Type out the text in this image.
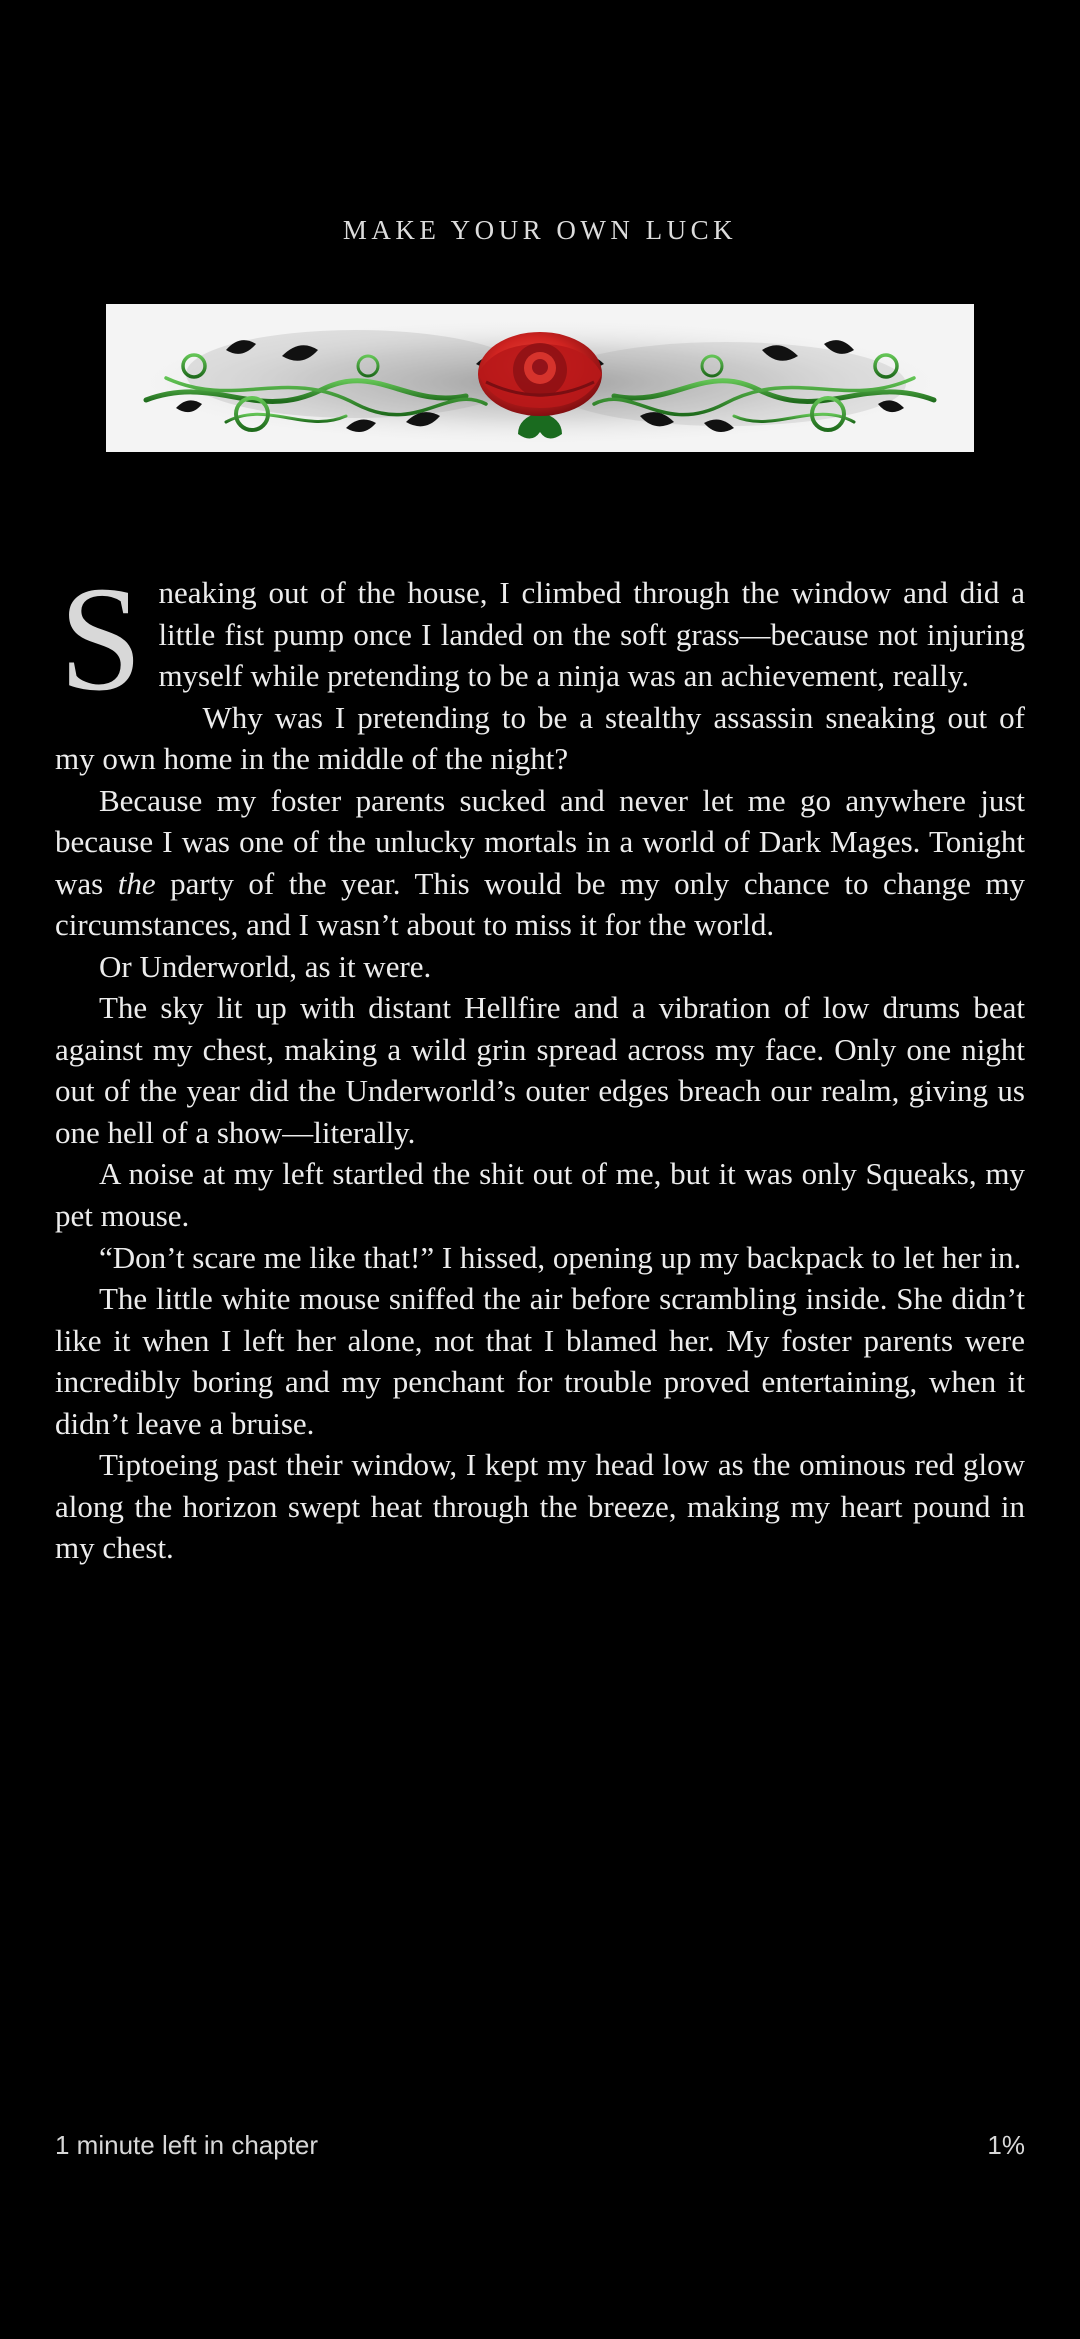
MAKE YOUR OWN LUCK

Sneaking out of the house, I climbed through the window and did a little fist pump once I landed on the soft grass—because not injuring myself while pretending to be a ninja was an achievement, really.

Why was I pretending to be a stealthy assassin sneaking out of my own home in the middle of the night?

Because my foster parents sucked and never let me go anywhere just because I was one of the unlucky mortals in a world of Dark Mages. Tonight was the party of the year. This would be my only chance to change my circumstances, and I wasn’t about to miss it for the world.

Or Underworld, as it were.

The sky lit up with distant Hellfire and a vibration of low drums beat against my chest, making a wild grin spread across my face. Only one night out of the year did the Underworld’s outer edges breach our realm, giving us one hell of a show—literally.

A noise at my left startled the shit out of me, but it was only Squeaks, my pet mouse.

“Don’t scare me like that!” I hissed, opening up my backpack to let her in.

The little white mouse sniffed the air before scrambling inside. She didn’t like it when I left her alone, not that I blamed her. My foster parents were incredibly boring and my penchant for trouble proved entertaining, when it didn’t leave a bruise.

Tiptoeing past their window, I kept my head low as the ominous red glow along the horizon swept heat through the breeze, making my heart pound in my chest.

1 minute left in chapter	1%
